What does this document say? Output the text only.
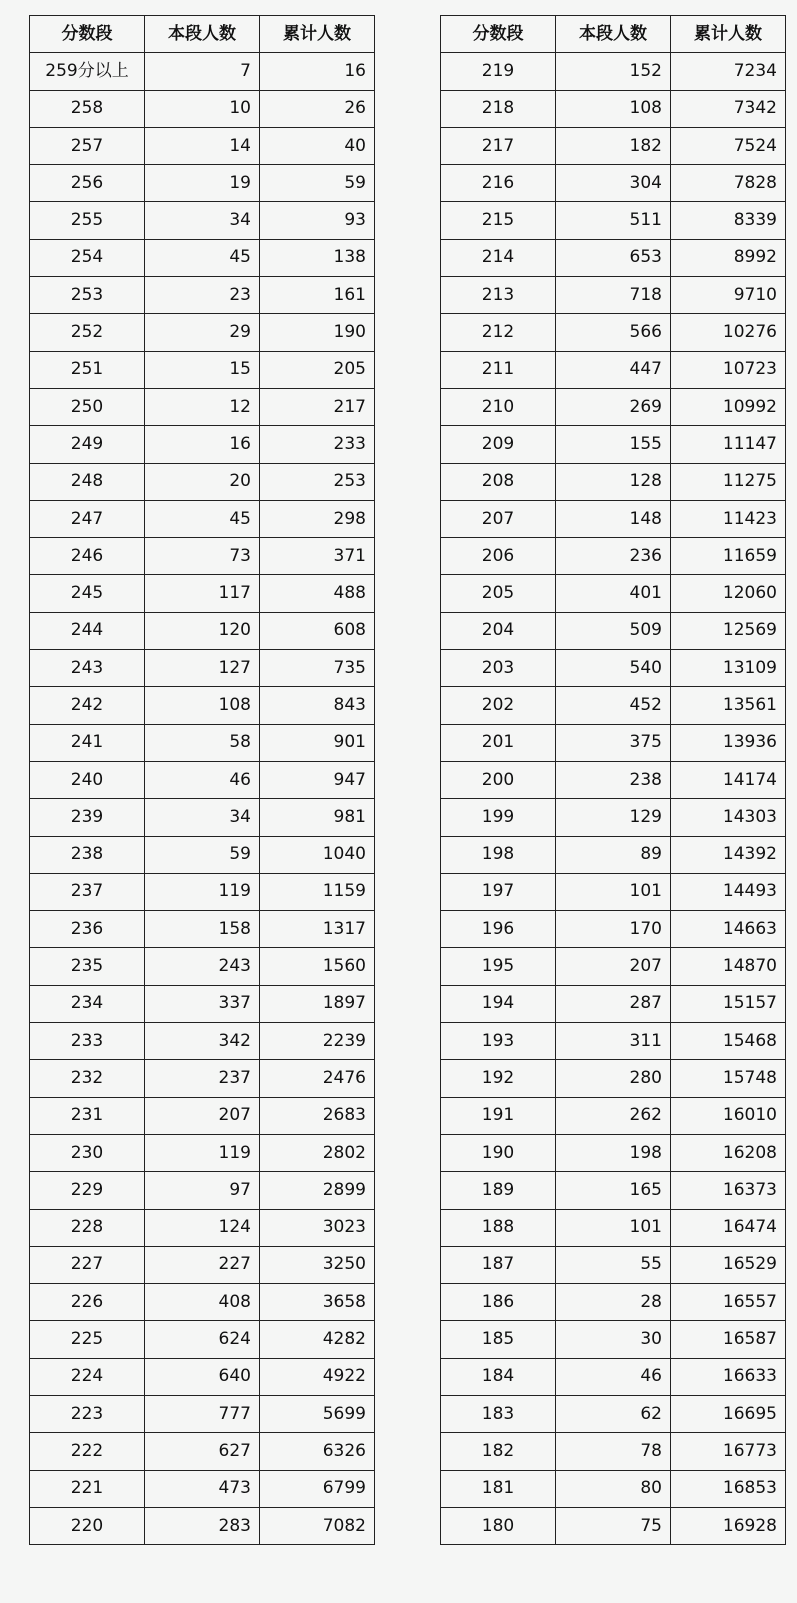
分数段	本段人数	累计人数
259分以上	7	16
258	10	26
257	14	40
256	19	59
255	34	93
254	45	138
253	23	161
252	29	190
251	15	205
250	12	217
249	16	233
248	20	253
247	45	298
246	73	371
245	117	488
244	120	608
243	127	735
242	108	843
241	58	901
240	46	947
239	34	981
238	59	1040
237	119	1159
236	158	1317
235	243	1560
234	337	1897
233	342	2239
232	237	2476
231	207	2683
230	119	2802
229	97	2899
228	124	3023
227	227	3250
226	408	3658
225	624	4282
224	640	4922
223	777	5699
222	627	6326
221	473	6799
220	283	7082
分数段	本段人数	累计人数
219	152	7234
218	108	7342
217	182	7524
216	304	7828
215	511	8339
214	653	8992
213	718	9710
212	566	10276
211	447	10723
210	269	10992
209	155	11147
208	128	11275
207	148	11423
206	236	11659
205	401	12060
204	509	12569
203	540	13109
202	452	13561
201	375	13936
200	238	14174
199	129	14303
198	89	14392
197	101	14493
196	170	14663
195	207	14870
194	287	15157
193	311	15468
192	280	15748
191	262	16010
190	198	16208
189	165	16373
188	101	16474
187	55	16529
186	28	16557
185	30	16587
184	46	16633
183	62	16695
182	78	16773
181	80	16853
180	75	16928
